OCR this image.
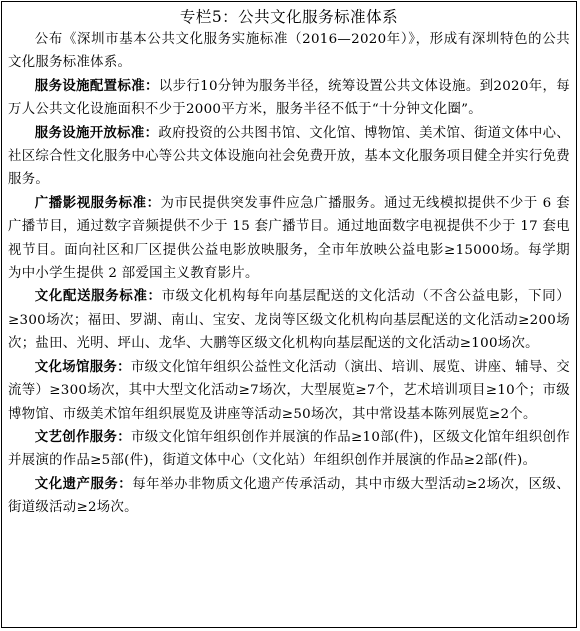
专栏5：公共文化服务标准体系

公布《深圳市基本公共文化服务实施标准（2016—2020年）》，形成有深圳特色的公共文化服务标准体系。

服务设施配置标准：以步行10分钟为服务半径，统筹设置公共文体设施。到2020年，每万人公共文化设施面积不少于2000平方米，服务半径不低于“十分钟文化圈”。

服务设施开放标准：政府投资的公共图书馆、文化馆、博物馆、美术馆、街道文体中心、社区综合性文化服务中心等公共文体设施向社会免费开放，基本文化服务项目健全并实行免费服务。

广播影视服务标准：为市民提供突发事件应急广播服务。通过无线模拟提供不少于 6 套广播节目，通过数字音频提供不少于 15 套广播节目。通过地面数字电视提供不少于 17 套电视节目。面向社区和厂区提供公益电影放映服务，全市年放映公益电影≥15000场。每学期为中小学生提供 2 部爱国主义教育影片。

文化配送服务标准：市级文化机构每年向基层配送的文化活动（不含公益电影，下同）≥300场次；福田、罗湖、南山、宝安、龙岗等区级文化机构向基层配送的文化活动≥200场次；盐田、光明、坪山、龙华、大鹏等区级文化机构向基层配送的文化活动≥100场次。

文化场馆服务：市级文化馆年组织公益性文化活动（演出、培训、展览、讲座、辅导、交流等）≥300场次，其中大型文化活动≥7场次，大型展览≥7个，艺术培训项目≥10个；市级博物馆、市级美术馆年组织展览及讲座等活动≥50场次，其中常设基本陈列展览≥2个。

文艺创作服务：市级文化馆年组织创作并展演的作品≥10部(件)，区级文化馆年组织创作并展演的作品≥5部(件)，街道文体中心（文化站）年组织创作并展演的作品≥2部(件)。

文化遗产服务：每年举办非物质文化遗产传承活动，其中市级大型活动≥2场次，区级、街道级活动≥2场次。
